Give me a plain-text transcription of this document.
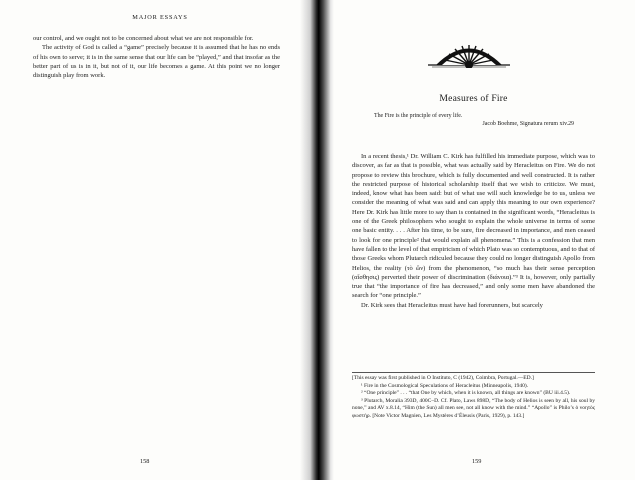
MAJOR ESSAYS

our control, and we ought not to be concerned about what we are not responsible for.

The activity of God is called a “game” precisely because it is assumed that he has no ends of his own to serve; it is in the same sense that our life can be “played,” and that insofar as the better part of us is in it, but not of it, our life becomes a game. At this point we no longer distinguish play from work.

158
Measures of Fire
The Fire is the principle of every life.
Jacob Boehme, Signatura rerum xiv.29

In a recent thesis,¹ Dr. William C. Kirk has fulfilled his immediate purpose, which was to discover, as far as that is possible, what was actually said by Heracleitus on Fire. We do not propose to review this brochure, which is fully documented and well constructed. It is rather the restricted purpose of historical scholarship itself that we wish to criticize. We must, indeed, know what has been said: but of what use will such knowledge be to us, unless we consider the meaning of what was said and can apply this meaning to our own experience? Here Dr. Kirk has little more to say than is contained in the significant words, “Heracleitus is one of the Greek philosophers who sought to explain the whole universe in terms of some one basic entity. . . . After his time, to be sure, fire decreased in importance, and men ceased to look for one principle² that would explain all phenomena.” This is a confession that men have fallen to the level of that empiricism of which Plato was so contemptuous, and to that of those Greeks whom Plutarch ridiculed because they could no longer distinguish Apollo from Helios, the reality (τὸ ὤν) from the phenomenon, “so much has their sense perception (αἴσθησις) perverted their power of discrimination (διάνοια).”³ It is, however, only partially true that “the importance of fire has decreased,” and only some men have abandoned the search for “one principle.”

Dr. Kirk sees that Heracleitus must have had forerunners, but scarcely

[This essay was first published in O Instituto, C (1942), Coimbra, Portugal.—ED.]

¹ Fire in the Cosmological Speculations of Heracleitus (Minneapolis, 1940).

² “One principle” . . . “that One by which, when it is known, all things are known” (BU iii.4.5).

³ Plutarch, Moralia 393D, 400C–D. Cf. Plato, Laws 898D, “The body of Helios is seen by all, his soul by none,” and AV x.8.14, “Him (the Sun) all men see, not all know with the mind.” “Apollo” is Philo’s ὁ νοητὸς φωστήρ. [Note Victor Magnien, Les Mystères d’Éleusis (Paris, 1929), p. 143.]

159
